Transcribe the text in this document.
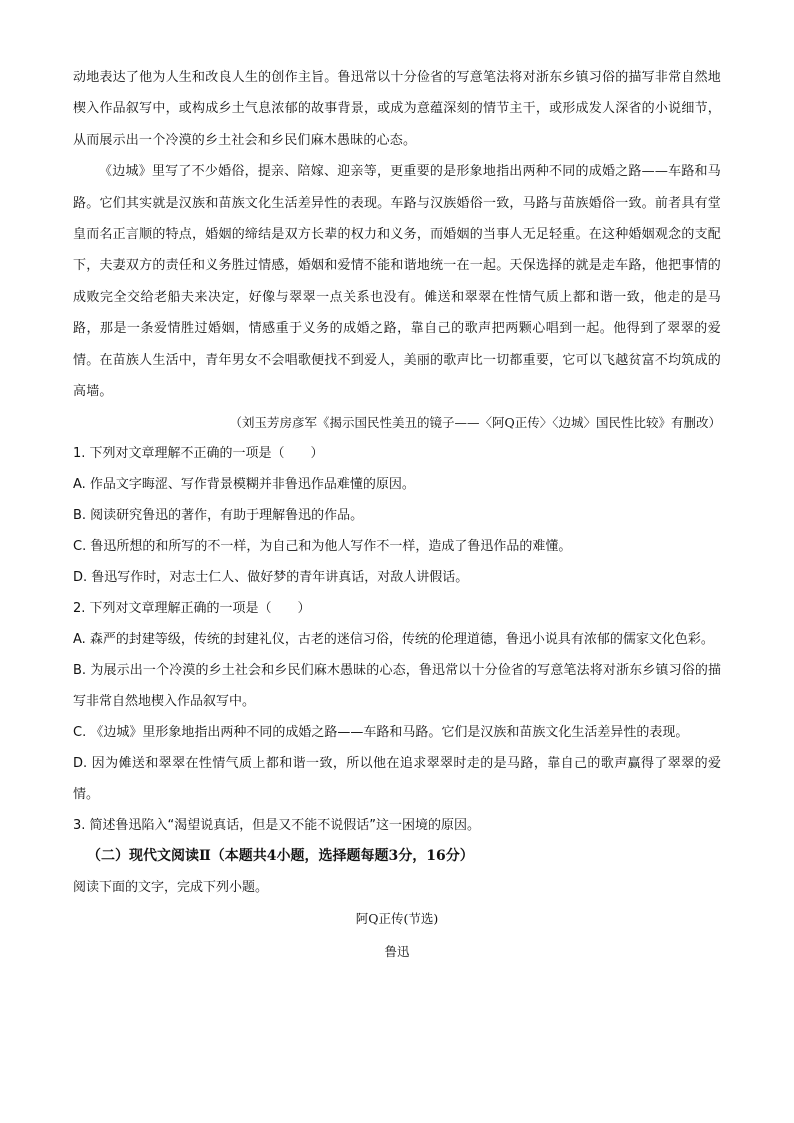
动地表达了他为人生和改良人生的创作主旨。鲁迅常以十分俭省的写意笔法将对浙东乡镇习俗的描写非常自然地楔入作品叙写中，或构成乡土气息浓郁的故事背景，或成为意蕴深刻的情节主干，或形成发人深省的小说细节，从而展示出一个冷漠的乡土社会和乡民们麻木愚昧的心态。

《边城》里写了不少婚俗，提亲、陪嫁、迎亲等，更重要的是形象地指出两种不同的成婚之路——车路和马路。它们其实就是汉族和苗族文化生活差异性的表现。车路与汉族婚俗一致，马路与苗族婚俗一致。前者具有堂皇而名正言顺的特点，婚姻的缔结是双方长辈的权力和义务，而婚姻的当事人无足轻重。在这种婚姻观念的支配下，夫妻双方的责任和义务胜过情感，婚姻和爱情不能和谐地统一在一起。天保选择的就是走车路，他把事情的成败完全交给老船夫来决定，好像与翠翠一点关系也没有。傩送和翠翠在性情气质上都和谐一致，他走的是马路，那是一条爱情胜过婚姻，情感重于义务的成婚之路，靠自己的歌声把两颗心唱到一起。他得到了翠翠的爱情。在苗族人生活中，青年男女不会唱歌便找不到爱人，美丽的歌声比一切都重要，它可以飞越贫富不均筑成的高墙。

（刘玉芳房彦军《揭示国民性美丑的镜子——〈阿Q正传〉〈边城〉国民性比较》有删改）

1. 下列对文章理解不正确的一项是（　　）

A. 作品文字晦涩、写作背景模糊并非鲁迅作品难懂的原因。

B. 阅读研究鲁迅的著作，有助于理解鲁迅的作品。

C. 鲁迅所想的和所写的不一样，为自己和为他人写作不一样，造成了鲁迅作品的难懂。

D. 鲁迅写作时，对志士仁人、做好梦的青年讲真话，对敌人讲假话。

2. 下列对文章理解正确的一项是（　　）

A. 森严的封建等级，传统的封建礼仪，古老的迷信习俗，传统的伦理道德，鲁迅小说具有浓郁的儒家文化色彩。

B. 为展示出一个冷漠的乡土社会和乡民们麻木愚昧的心态，鲁迅常以十分俭省的写意笔法将对浙东乡镇习俗的描写非常自然地楔入作品叙写中。

C. 《边城》里形象地指出两种不同的成婚之路——车路和马路。它们是汉族和苗族文化生活差异性的表现。

D. 因为傩送和翠翠在性情气质上都和谐一致，所以他在追求翠翠时走的是马路，靠自己的歌声赢得了翠翠的爱情。

3. 简述鲁迅陷入“渴望说真话，但是又不能不说假话”这一困境的原因。

（二）现代文阅读Ⅱ（本题共4小题，选择题每题3分，16分）

阅读下面的文字，完成下列小题。

阿Q正传(节选)

鲁迅
